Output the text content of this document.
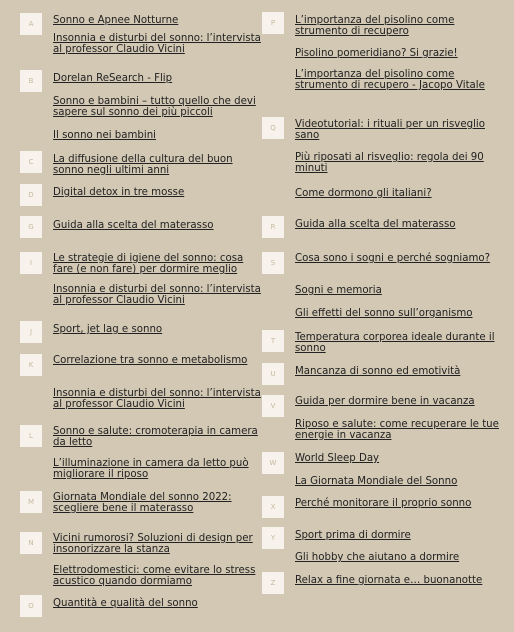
A	Sonno e Apnee Notturne
Insonnia e disturbi del sonno: l’intervista al professor Claudio Vicini
B	Dorelan ReSearch - Flip
Sonno e bambini – tutto quello che devi sapere sul sonno dei più piccoli
Il sonno nei bambini
C	La diffusione della cultura del buon sonno negli ultimi anni
D	Digital detox in tre mosse
G	Guida alla scelta del materasso
I	Le strategie di igiene del sonno: cosa fare (e non fare) per dormire meglio
Insonnia e disturbi del sonno: l’intervista al professor Claudio Vicini
J	Sport, jet lag e sonno
K	Correlazione tra sonno e metabolismo
Insonnia e disturbi del sonno: l’intervista al professor Claudio Vicini
L	Sonno e salute: cromoterapia in camera da letto
L’illuminazione in camera da letto può migliorare il riposo
M	Giornata Mondiale del sonno 2022: scegliere bene il materasso
N	Vicini rumorosi? Soluzioni di design per insonorizzare la stanza
Elettrodomestici: come evitare lo stress acustico quando dormiamo
O	Quantità e qualità del sonno
P	L’importanza del pisolino come strumento di recupero
Pisolino pomeridiano? Si grazie!
L’importanza del pisolino come strumento di recupero - Jacopo Vitale
Q	Videotutorial: i rituali per un risveglio sano
Più riposati al risveglio: regola dei 90 minuti
Come dormono gli italiani?
R	Guida alla scelta del materasso
S	Cosa sono i sogni e perché sogniamo?
Sogni e memoria
Gli effetti del sonno sull’organismo
T	Temperatura corporea ideale durante il sonno
U	Mancanza di sonno ed emotività
V	Guida per dormire bene in vacanza
Riposo e salute: come recuperare le tue energie in vacanza
W	World Sleep Day
La Giornata Mondiale del Sonno
X	Perché monitorare il proprio sonno
Y	Sport prima di dormire
Gli hobby che aiutano a dormire
Z	Relax a fine giornata e… buonanotte
